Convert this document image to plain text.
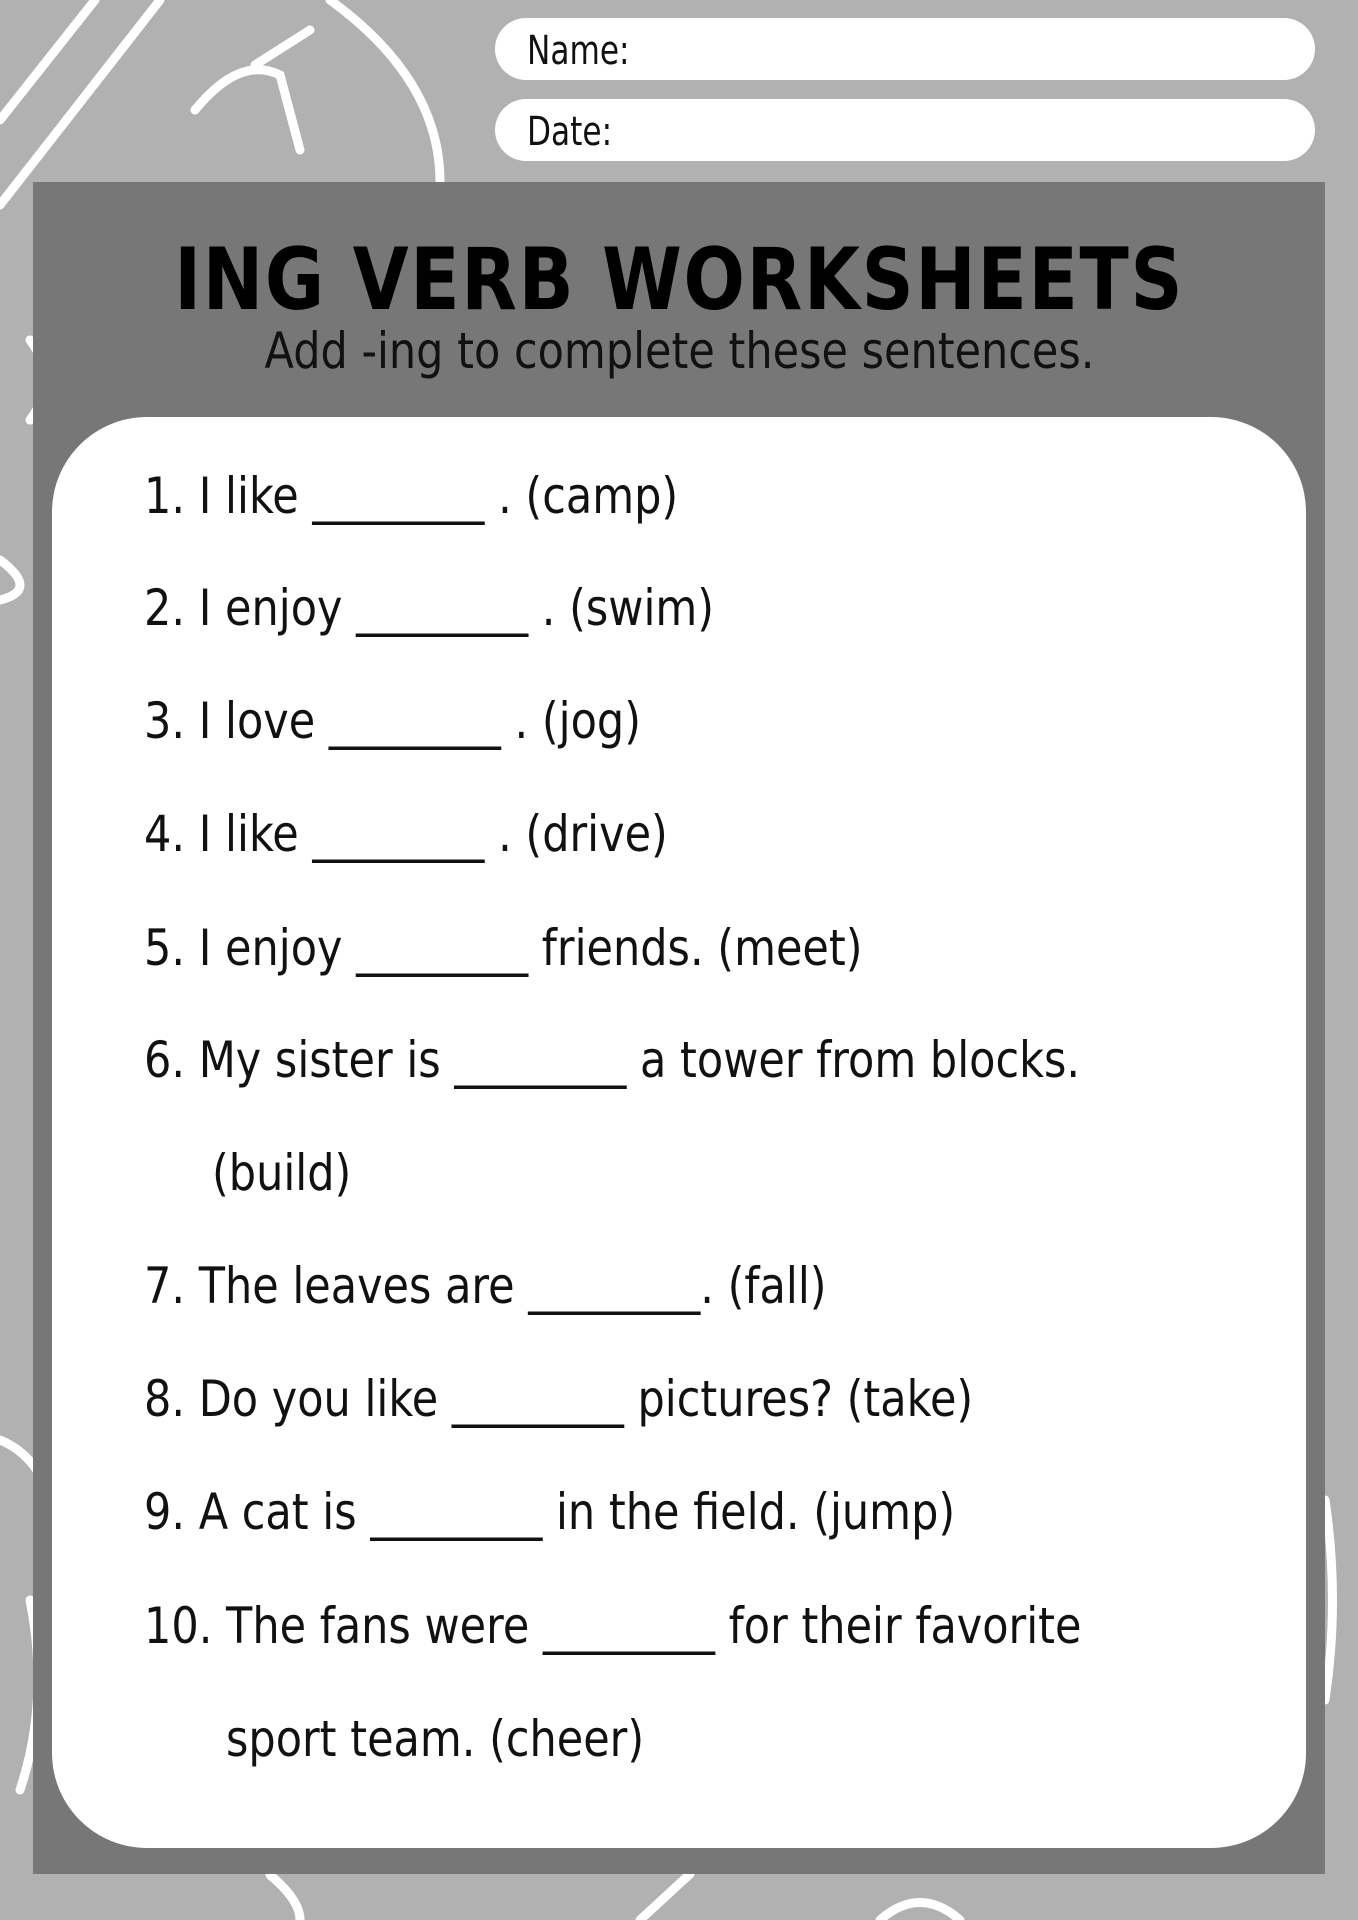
Name:
Date:
ING VERB WORKSHEETS
Add -ing to complete these sentences.
1. I like ________ . (camp)
2. I enjoy ________ . (swim)
3. I love ________ . (jog)
4. I like ________ . (drive)
5. I enjoy ________ friends. (meet)
6. My sister is ________ a tower from blocks.
(build)
7. The leaves are ________. (fall)
8. Do you like ________ pictures? (take)
9. A cat is ________ in the field. (jump)
10. The fans were ________ for their favorite
sport team. (cheer)
